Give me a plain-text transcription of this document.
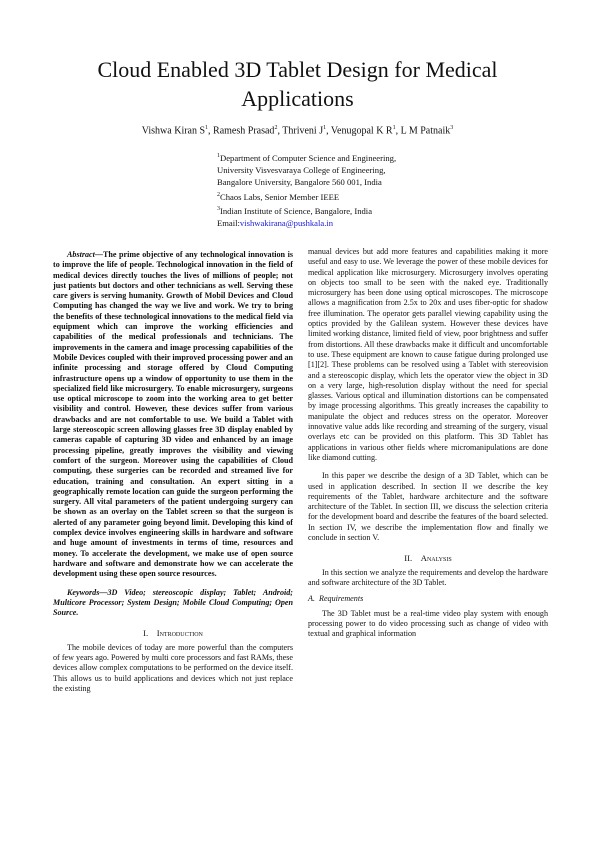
Cloud Enabled 3D Tablet Design for Medical Applications
Vishwa Kiran $S^1$, Ramesh Prasad$^2$, Thriveni $J^1$, Venugopal K $R^1$, L M Patnaik$^3$
$^1$Department of Computer Science and Engineering,
University Visvesvaraya College of Engineering,
Bangalore University, Bangalore 560 001, India
$^2$Chaos Labs, Senior Member IEEE
$^3$Indian Institute of Science, Bangalore, India
Email:vishwakirana@pushkala.in

Abstract—The prime objective of any technological innovation is to improve the life of people. Technological innovation in the field of medical devices directly touches the lives of millions of people; not just patients but doctors and other technicians as well. Serving these care givers is serving humanity. Growth of Mobil Devices and Cloud Computing has changed the way we live and work. We try to bring the benefits of these technological innovations to the medical field via equipment which can improve the working efficiencies and capabilities of the medical professionals and technicians. The improvements in the camera and image processing capabilities of the Mobile Devices coupled with their improved processing power and an infinite processing and storage offered by Cloud Computing infrastructure opens up a window of opportunity to use them in the specialized field like microsurgery. To enable microsurgery, surgeons use optical microscope to zoom into the working area to get better visibility and control. However, these devices suffer from various drawbacks and are not comfortable to use. We build a Tablet with large stereoscopic screen allowing glasses free 3D display enabled by cameras capable of capturing 3D video and enhanced by an image processing pipeline, greatly improves the visibility and viewing comfort of the surgeon. Moreover using the capabilities of Cloud computing, these surgeries can be recorded and streamed live for education, training and consultation. An expert sitting in a geographically remote location can guide the surgeon performing the surgery. All vital parameters of the patient undergoing surgery can be shown as an overlay on the Tablet screen so that the surgeon is alerted of any parameter going beyond limit. Developing this kind of complex device involves engineering skills in hardware and software and huge amount of investments in terms of time, resources and money. To accelerate the development, we make use of open source hardware and software and demonstrate how we can accelerate the development using these open source resources.

Keywords—3D Video; stereoscopic display; Tablet; Android; Multicore Processor; System Design; Mobile Cloud Computing; Open Source.

I. Introduction

The mobile devices of today are more powerful than the computers of few years ago. Powered by multi core processors and fast RAMs, these devices allow complex computations to be performed on the device itself. This allows us to build applications and devices which not just replace the existing

manual devices but add more features and capabilities making it more useful and easy to use. We leverage the power of these mobile devices for medical application like microsurgery. Microsurgery involves operating on objects too small to be seen with the naked eye. Traditionally microsurgery has been done using optical microscopes. The microscope allows a magnification from 2.5x to 20x and uses fiber-optic for shadow free illumination. The operator gets parallel viewing capability using the optics provided by the Galilean system. However these devices have limited working distance, limited field of view, poor brightness and suffer from distortions. All these drawbacks make it difficult and uncomfortable to use. These equipment are known to cause fatigue during prolonged use [1][2]. These problems can be resolved using a Tablet with stereovision and a stereoscopic display, which lets the operator view the object in 3D on a very large, high-resolution display without the need for special glasses. Various optical and illumination distortions can be compensated by image processing algorithms. This greatly increases the capability to manipulate the object and reduces stress on the operator. Moreover innovative value adds like recording and streaming of the surgery, visual overlays etc can be provided on this platform. This 3D Tablet has applications in various other fields where micromanipulations are done like diamond cutting.

In this paper we describe the design of a 3D Tablet, which can be used in application described. In section II we describe the key requirements of the Tablet, hardware architecture and the software architecture of the Tablet. In section III, we discuss the selection criteria for the development board and describe the features of the board selected. In section IV, we describe the implementation flow and finally we conclude in section V.

II. Analysis

In this section we analyze the requirements and develop the hardware and software architecture of the 3D Tablet.

A. Requirements

The 3D Tablet must be a real-time video play system with enough processing power to do video processing such as change of video with textual and graphical information
